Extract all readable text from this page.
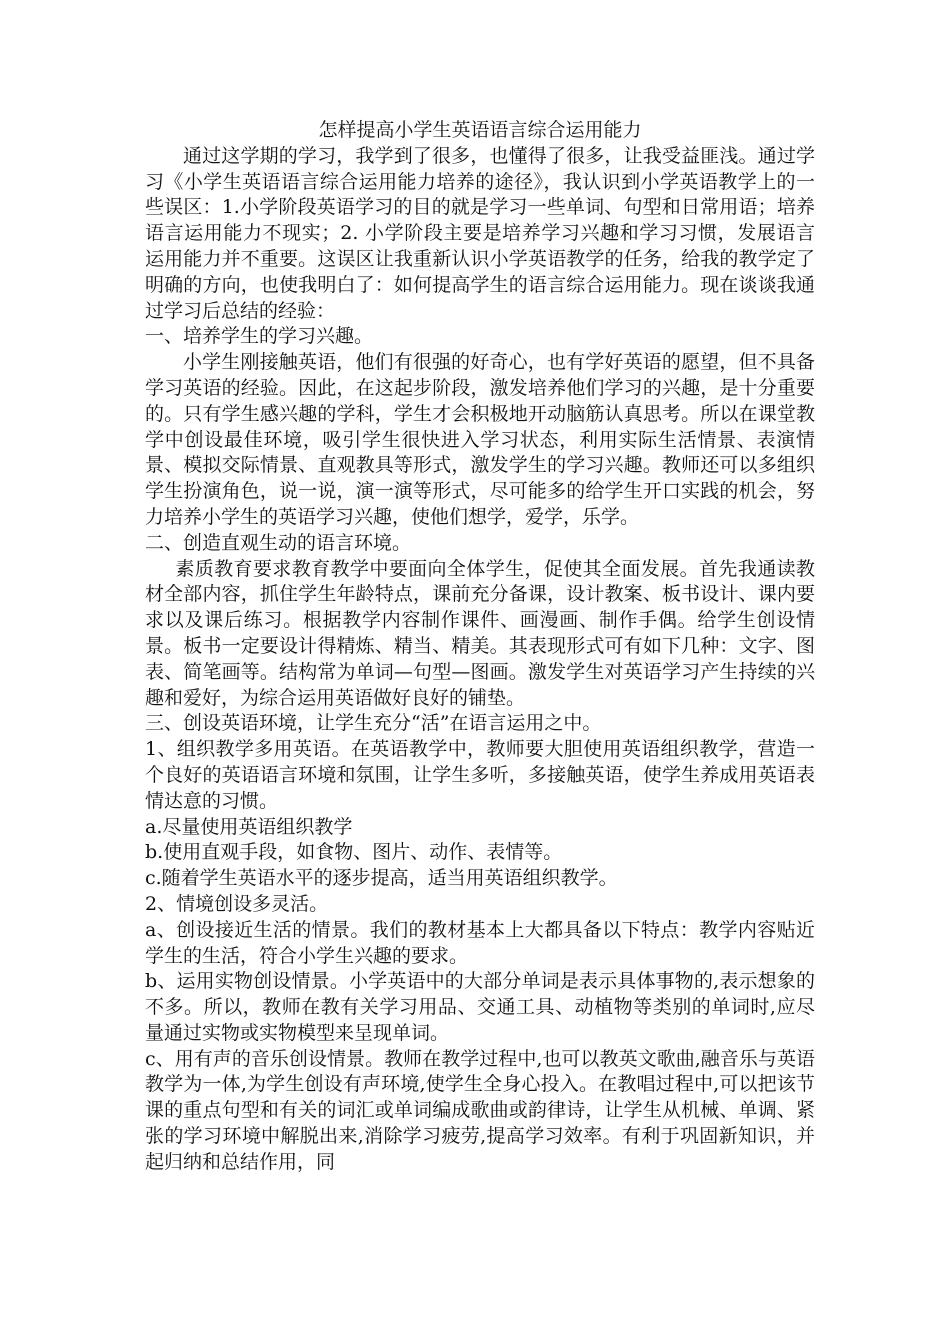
怎样提高小学生英语语言综合运用能力

通过这学期的学习，我学到了很多，也懂得了很多，让我受益匪浅。通过学习《小学生英语语言综合运用能力培养的途径》，我认识到小学英语教学上的一些误区：1.小学阶段英语学习的目的就是学习一些单词、句型和日常用语；培养语言运用能力不现实；2. 小学阶段主要是培养学习兴趣和学习习惯，发展语言运用能力并不重要。这误区让我重新认识小学英语教学的任务，给我的教学定了明确的方向，也使我明白了：如何提高学生的语言综合运用能力。现在谈谈我通过学习后总结的经验：

一、培养学生的学习兴趣。

小学生刚接触英语，他们有很强的好奇心，也有学好英语的愿望，但不具备学习英语的经验。因此，在这起步阶段，激发培养他们学习的兴趣，是十分重要的。只有学生感兴趣的学科，学生才会积极地开动脑筋认真思考。所以在课堂教学中创设最佳环境，吸引学生很快进入学习状态，利用实际生活情景、表演情景、模拟交际情景、直观教具等形式，激发学生的学习兴趣。教师还可以多组织学生扮演角色，说一说，演一演等形式，尽可能多的给学生开口实践的机会，努力培养小学生的英语学习兴趣，使他们想学，爱学，乐学。

二、创造直观生动的语言环境。

素质教育要求教育教学中要面向全体学生，促使其全面发展。首先我通读教材全部内容，抓住学生年龄特点，课前充分备课，设计教案、板书设计、课内要求以及课后练习。根据教学内容制作课件、画漫画、制作手偶。给学生创设情景。板书一定要设计得精炼、精当、精美。其表现形式可有如下几种：文字、图表、简笔画等。结构常为单词—句型—图画。激发学生对英语学习产生持续的兴趣和爱好，为综合运用英语做好良好的铺垫。

三、创设英语环境，让学生充分“活”在语言运用之中。

1、组织教学多用英语。在英语教学中，教师要大胆使用英语组织教学，营造一个良好的英语语言环境和氛围，让学生多听，多接触英语，使学生养成用英语表情达意的习惯。

a.尽量使用英语组织教学

b.使用直观手段，如食物、图片、动作、表情等。

c.随着学生英语水平的逐步提高，适当用英语组织教学。

2、情境创设多灵活。

a、创设接近生活的情景。我们的教材基本上大都具备以下特点：教学内容贴近学生的生活，符合小学生兴趣的要求。

b、运用实物创设情景。小学英语中的大部分单词是表示具体事物的,表示想象的不多。所以，教师在教有关学习用品、交通工具、动植物等类别的单词时,应尽量通过实物或实物模型来呈现单词。

c、用有声的音乐创设情景。教师在教学过程中,也可以教英文歌曲,融音乐与英语教学为一体,为学生创设有声环境,使学生全身心投入。在教唱过程中,可以把该节课的重点句型和有关的词汇或单词编成歌曲或韵律诗，让学生从机械、单调、紧张的学习环境中解脱出来,消除学习疲劳,提高学习效率。有利于巩固新知识，并起归纳和总结作用，同
